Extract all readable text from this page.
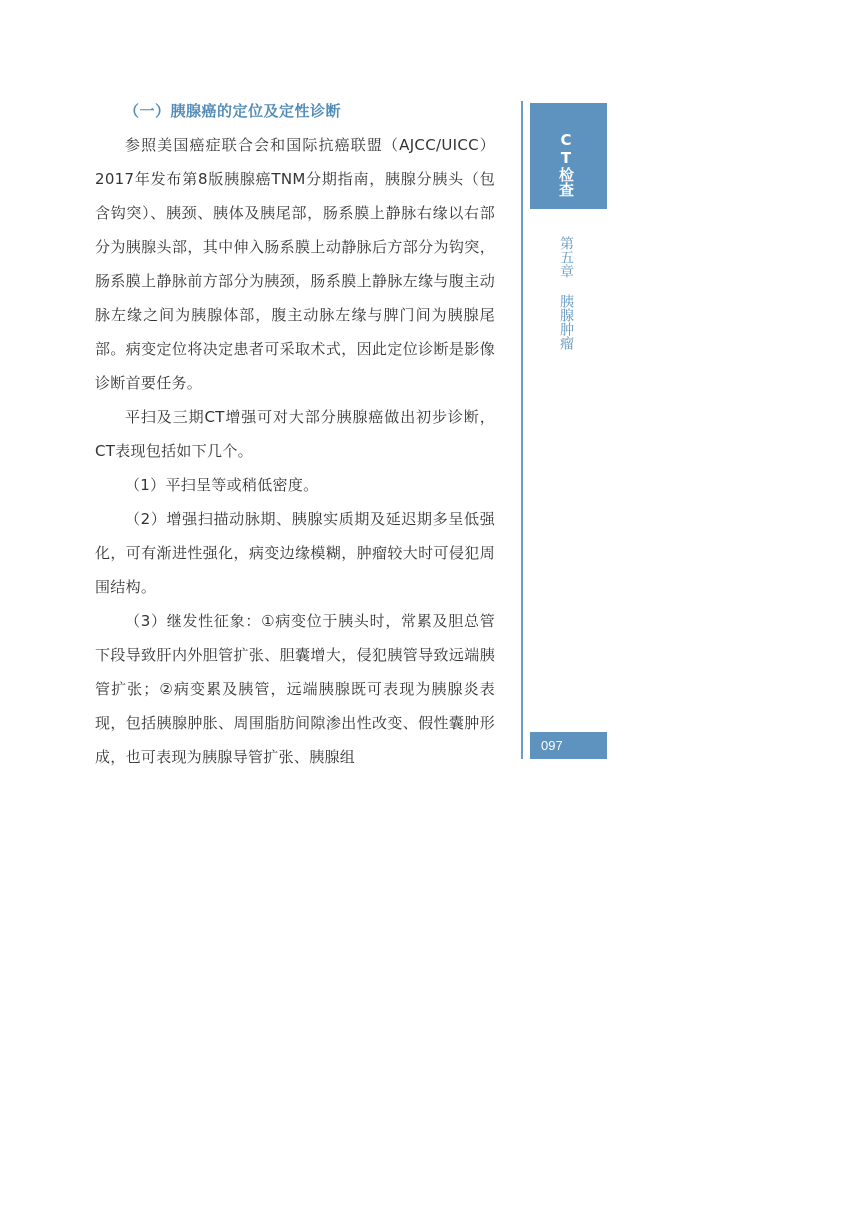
（一）胰腺癌的定位及定性诊断

参照美国癌症联合会和国际抗癌联盟（AJCC/UICC）2017年发布第8版胰腺癌TNM分期指南，胰腺分胰头（包含钩突）、胰颈、胰体及胰尾部，肠系膜上静脉右缘以右部分为胰腺头部，其中伸入肠系膜上动静脉后方部分为钩突，肠系膜上静脉前方部分为胰颈，肠系膜上静脉左缘与腹主动脉左缘之间为胰腺体部，腹主动脉左缘与脾门间为胰腺尾部。病变定位将决定患者可采取术式，因此定位诊断是影像诊断首要任务。

平扫及三期CT增强可对大部分胰腺癌做出初步诊断，CT表现包括如下几个。

（1）平扫呈等或稍低密度。

（2）增强扫描动脉期、胰腺实质期及延迟期多呈低强化，可有渐进性强化，病变边缘模糊，肿瘤较大时可侵犯周围结构。

（3）继发性征象：①病变位于胰头时，常累及胆总管下段导致肝内外胆管扩张、胆囊增大，侵犯胰管导致远端胰管扩张；②病变累及胰管，远端胰腺既可表现为胰腺炎表现，包括胰腺肿胀、周围脂肪间隙渗出性改变、假性囊肿形成，也可表现为胰腺导管扩张、胰腺组

CT检查
第五章
胰腺肿瘤
097
